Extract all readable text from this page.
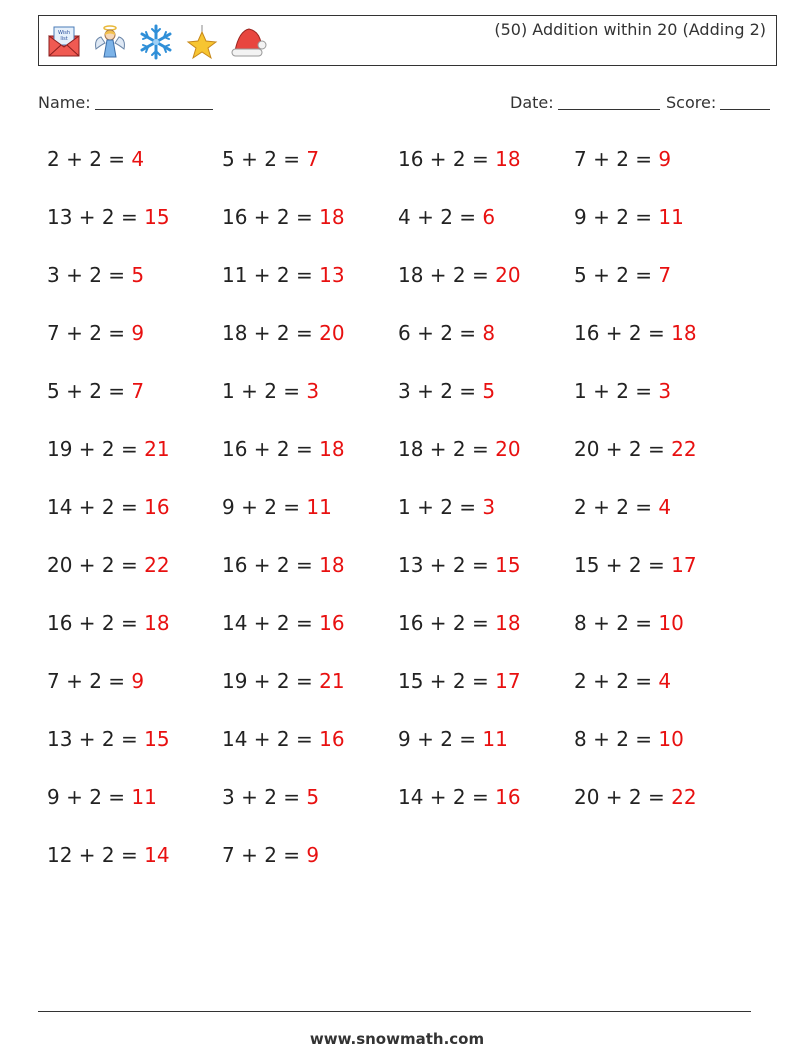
Wish
list	(50) Addition within 20 (Adding 2)
Name:	Date:	Score:
2 + 2 = 4	5 + 2 = 7	16 + 2 = 18	7 + 2 = 9
13 + 2 = 15	16 + 2 = 18	4 + 2 = 6	9 + 2 = 11
3 + 2 = 5	11 + 2 = 13	18 + 2 = 20	5 + 2 = 7
7 + 2 = 9	18 + 2 = 20	6 + 2 = 8	16 + 2 = 18
5 + 2 = 7	1 + 2 = 3	3 + 2 = 5	1 + 2 = 3
19 + 2 = 21	16 + 2 = 18	18 + 2 = 20	20 + 2 = 22
14 + 2 = 16	9 + 2 = 11	1 + 2 = 3	2 + 2 = 4
20 + 2 = 22	16 + 2 = 18	13 + 2 = 15	15 + 2 = 17
16 + 2 = 18	14 + 2 = 16	16 + 2 = 18	8 + 2 = 10
7 + 2 = 9	19 + 2 = 21	15 + 2 = 17	2 + 2 = 4
13 + 2 = 15	14 + 2 = 16	9 + 2 = 11	8 + 2 = 10
9 + 2 = 11	3 + 2 = 5	14 + 2 = 16	20 + 2 = 22
12 + 2 = 14	7 + 2 = 9
www.snowmath.com
